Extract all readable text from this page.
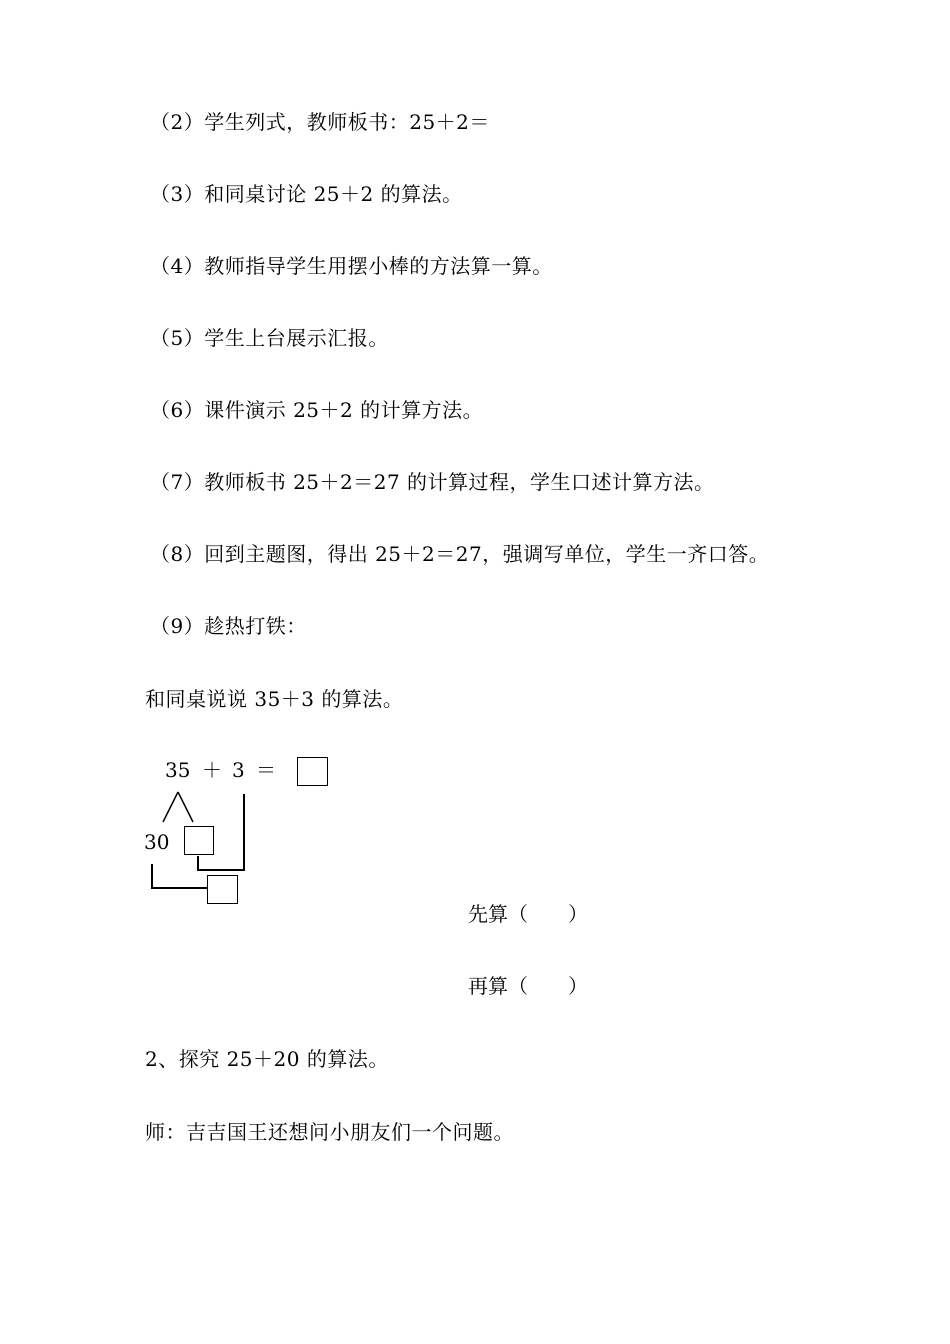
（2）学生列式，教师板书：25＋2＝
（3）和同桌讨论 25＋2 的算法。
（4）教师指导学生用摆小棒的方法算一算。
（5）学生上台展示汇报。
（6）课件演示 25＋2 的计算方法。
（7）教师板书 25＋2＝27 的计算过程，学生口述计算方法。
（8）回到主题图，得出 25＋2＝27，强调写单位，学生一齐口答。
（9）趁热打铁：
和同桌说说 35＋3 的算法。
35 ＋ 3 ＝
30
先算（　　）
再算（　　）
2、探究 25＋20 的算法。
师：吉吉国王还想问小朋友们一个问题。
